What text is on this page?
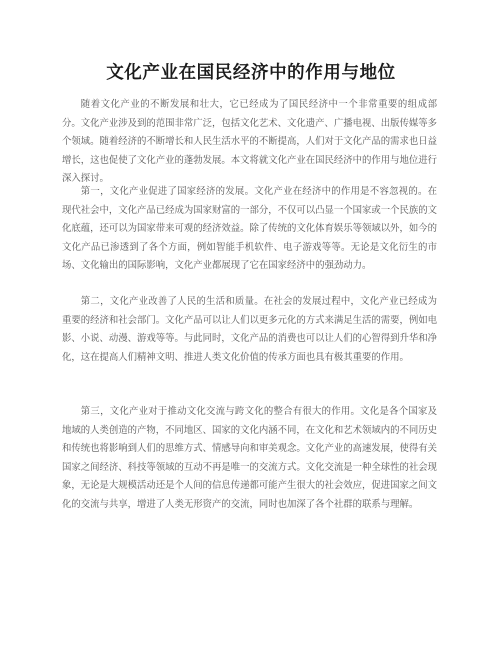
文化产业在国民经济中的作用与地位

随着文化产业的不断发展和壮大，它已经成为了国民经济中一个非常重要的组成部分。文化产业涉及到的范围非常广泛，包括文化艺术、文化遗产、广播电视、出版传媒等多个领域。随着经济的不断增长和人民生活水平的不断提高，人们对于文化产品的需求也日益增长，这也促使了文化产业的蓬勃发展。本文将就文化产业在国民经济中的作用与地位进行深入探讨。

第一，文化产业促进了国家经济的发展。文化产业在经济中的作用是不容忽视的。在现代社会中，文化产品已经成为国家财富的一部分，不仅可以凸显一个国家或一个民族的文化底蕴，还可以为国家带来可观的经济效益。除了传统的文化体育娱乐等领域以外，如今的文化产品已渗透到了各个方面，例如智能手机软件、电子游戏等等。无论是文化衍生的市场、文化输出的国际影响，文化产业都展现了它在国家经济中的强劲动力。

第二，文化产业改善了人民的生活和质量。在社会的发展过程中，文化产业已经成为重要的经济和社会部门。文化产品可以让人们以更多元化的方式来满足生活的需要，例如电影、小说、动漫、游戏等等。与此同时，文化产品的消费也可以让人们的心智得到升华和净化，这在提高人们精神文明、推进人类文化价值的传承方面也具有极其重要的作用。

第三，文化产业对于推动文化交流与跨文化的整合有很大的作用。文化是各个国家及地域的人类创造的产物，不同地区、国家的文化内涵不同，在文化和艺术领域内的不同历史和传统也将影响到人们的思维方式、情感导向和审美观念。文化产业的高速发展，使得有关国家之间经济、科技等领域的互动不再是唯一的交流方式。文化交流是一种全球性的社会现象，无论是大规模活动还是个人间的信息传递都可能产生很大的社会效应，促进国家之间文化的交流与共享，增进了人类无形资产的交流，同时也加深了各个社群的联系与理解。
